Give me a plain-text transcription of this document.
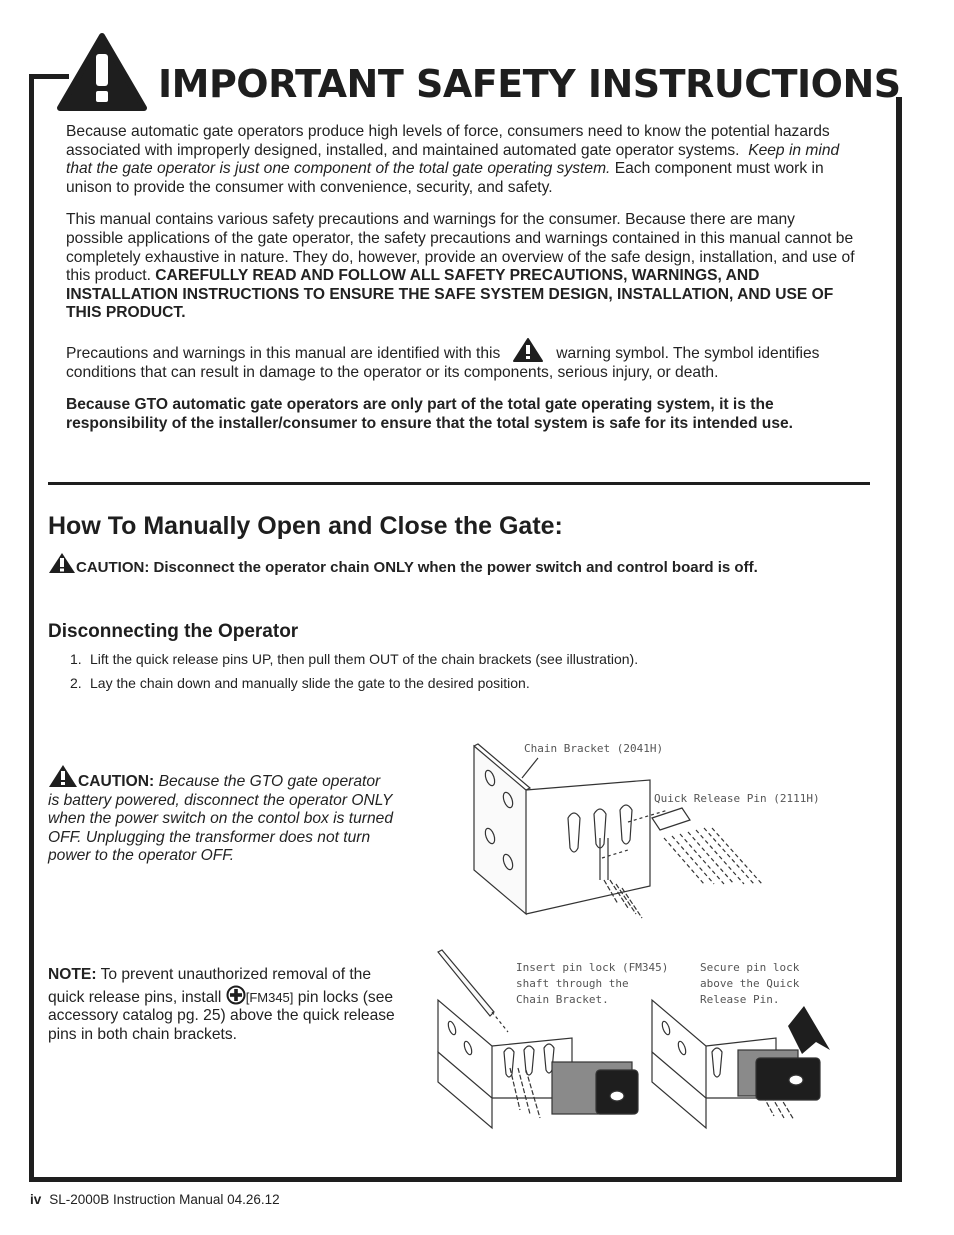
IMPORTANT SAFETY INSTRUCTIONS

Because automatic gate operators produce high levels of force, consumers need to know the potential hazards associated with improperly designed, installed, and maintained automated gate operator systems. Keep in mind that the gate operator is just one component of the total gate operating system. Each component must work in unison to provide the consumer with convenience, security, and safety.

This manual contains various safety precautions and warnings for the consumer. Because there are many possible applications of the gate operator, the safety precautions and warnings contained in this manual cannot be completely exhaustive in nature. They do, however, provide an overview of the safe design, installation, and use of this product. CAREFULLY READ AND FOLLOW ALL SAFETY PRECAUTIONS, WARNINGS, AND INSTALLATION INSTRUCTIONS TO ENSURE THE SAFE SYSTEM DESIGN, INSTALLATION, AND USE OF THIS PRODUCT.

Precautions and warnings in this manual are identified with this	warning symbol. The symbol identifies conditions that can result in damage to the operator or its components, serious injury, or death.

Because GTO automatic gate operators are only part of the total gate operating system, it is the responsibility of the installer/consumer to ensure that the total system is safe for its intended use.

How To Manually Open and Close the Gate:
CAUTION: Disconnect the operator chain ONLY when the power switch and control board is off.
Disconnecting the Operator
1. Lift the quick release pins UP, then pull them OUT of the chain brackets (see illustration).
2. Lay the chain down and manually slide the gate to the desired position.
CAUTION: Because the GTO gate operator is battery powered, disconnect the operator ONLY when the power switch on the contol box is turned OFF. Unplugging the transformer does not turn power to the operator OFF.
NOTE: To prevent unauthorized removal of the quick release pins, install [FM345] pin locks (see accessory catalog pg. 25) above the quick release pins in both chain brackets.
Chain Bracket (2041H)
Quick Release Pin (2111H)
Insert pin lock (FM345)
shaft through the
Chain Bracket.
Secure pin lock
above the Quick
Release Pin.
iv SL-2000B Instruction Manual 04.26.12
